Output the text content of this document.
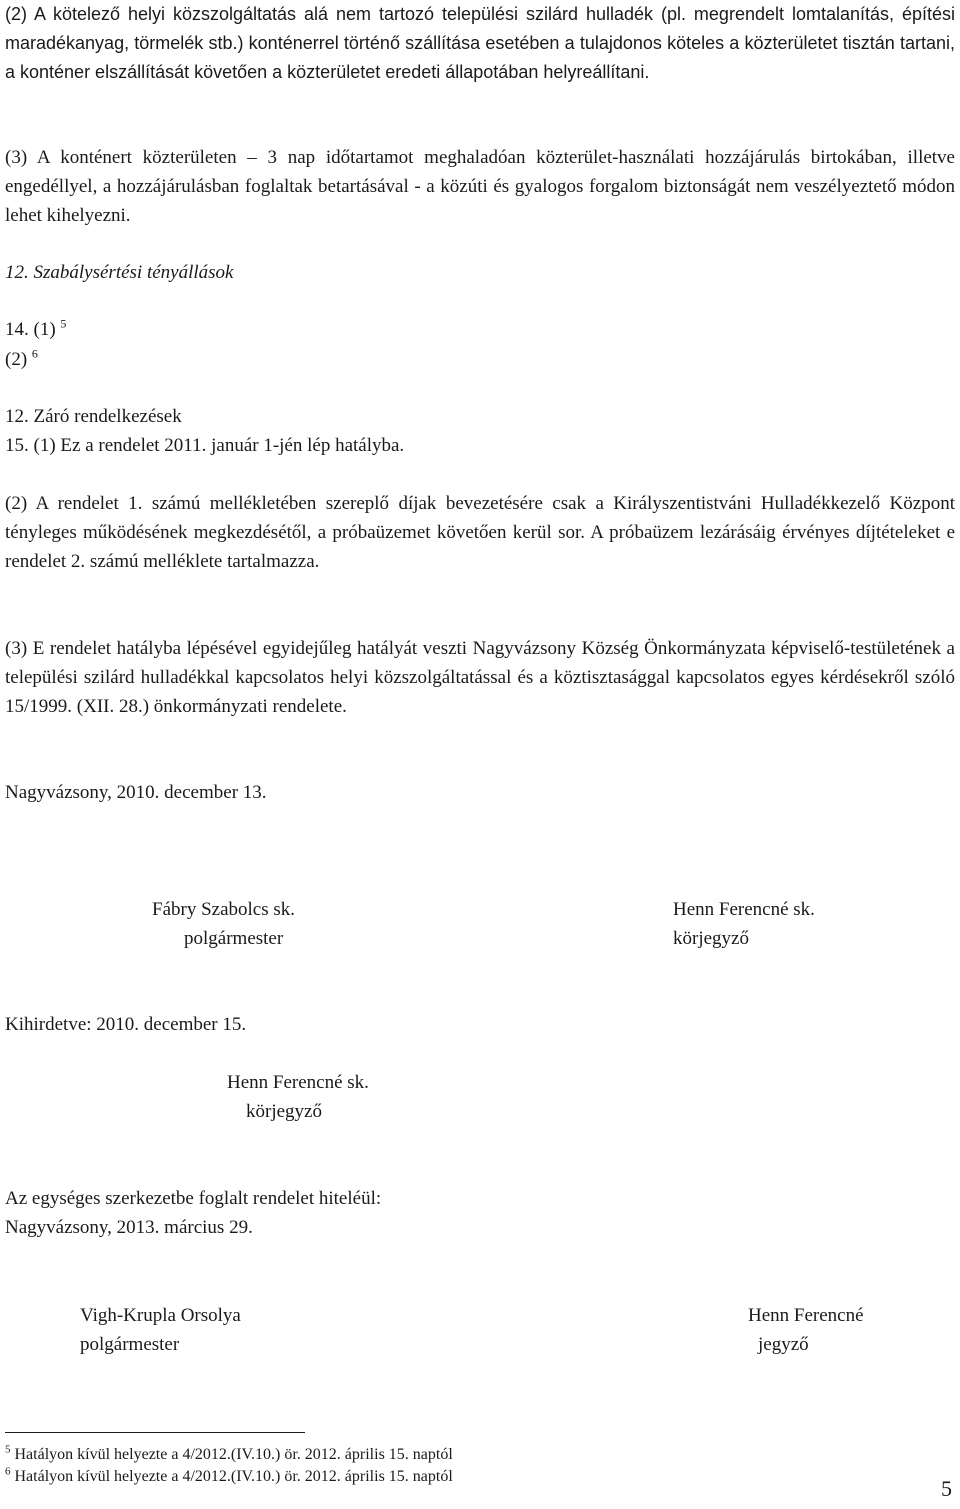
(2) A kötelező helyi közszolgáltatás alá nem tartozó települési szilárd hulladék (pl. megrendelt lomtalanítás, építési maradékanyag, törmelék stb.) konténerrel történő szállítása esetében a tulajdonos köteles a közterületet tisztán tartani, a konténer elszállítását követően a közterületet eredeti állapotában helyreállítani.

(3) A konténert közterületen – 3 nap időtartamot meghaladóan közterület-használati hozzájárulás birtokában, illetve engedéllyel, a hozzájárulásban foglaltak betartásával - a közúti és gyalogos forgalom biztonságát nem veszélyeztető módon lehet kihelyezni.

12. Szabálysértési tényállások

14. (1) $^5$

(2) $^6$

12. Záró rendelkezések

15. (1) Ez a rendelet 2011. január 1-jén lép hatályba.

(2) A rendelet 1. számú mellékletében szereplő díjak bevezetésére csak a Királyszentistváni Hulladékkezelő Központ tényleges működésének megkezdésétől, a próbaüzemet követően kerül sor. A próbaüzem lezárásáig érvényes díjtételeket e rendelet 2. számú melléklete tartalmazza.

(3) E rendelet hatályba lépésével egyidejűleg hatályát veszti Nagyvázsony Község Önkormányzata képviselő-testületének a települési szilárd hulladékkal kapcsolatos helyi közszolgáltatással és a köztisztasággal kapcsolatos egyes kérdésekről szóló 15/1999. (XII. 28.) önkormányzati rendelete.

Nagyvázsony, 2010. december 13.

Fábry Szabolcs sk.
polgármester
Henn Ferencné sk.
körjegyző

Kihirdetve: 2010. december 15.

Henn Ferencné sk.
körjegyző

Az egységes szerkezetbe foglalt rendelet hiteléül:

Nagyvázsony, 2013. március 29.

Vigh-Krupla Orsolya
polgármester
Henn Ferencné
jegyző
$^5$ Hatályon kívül helyezte a 4/2012.(IV.10.) ör. 2012. április 15. naptól
$^6$ Hatályon kívül helyezte a 4/2012.(IV.10.) ör. 2012. április 15. naptól	5
